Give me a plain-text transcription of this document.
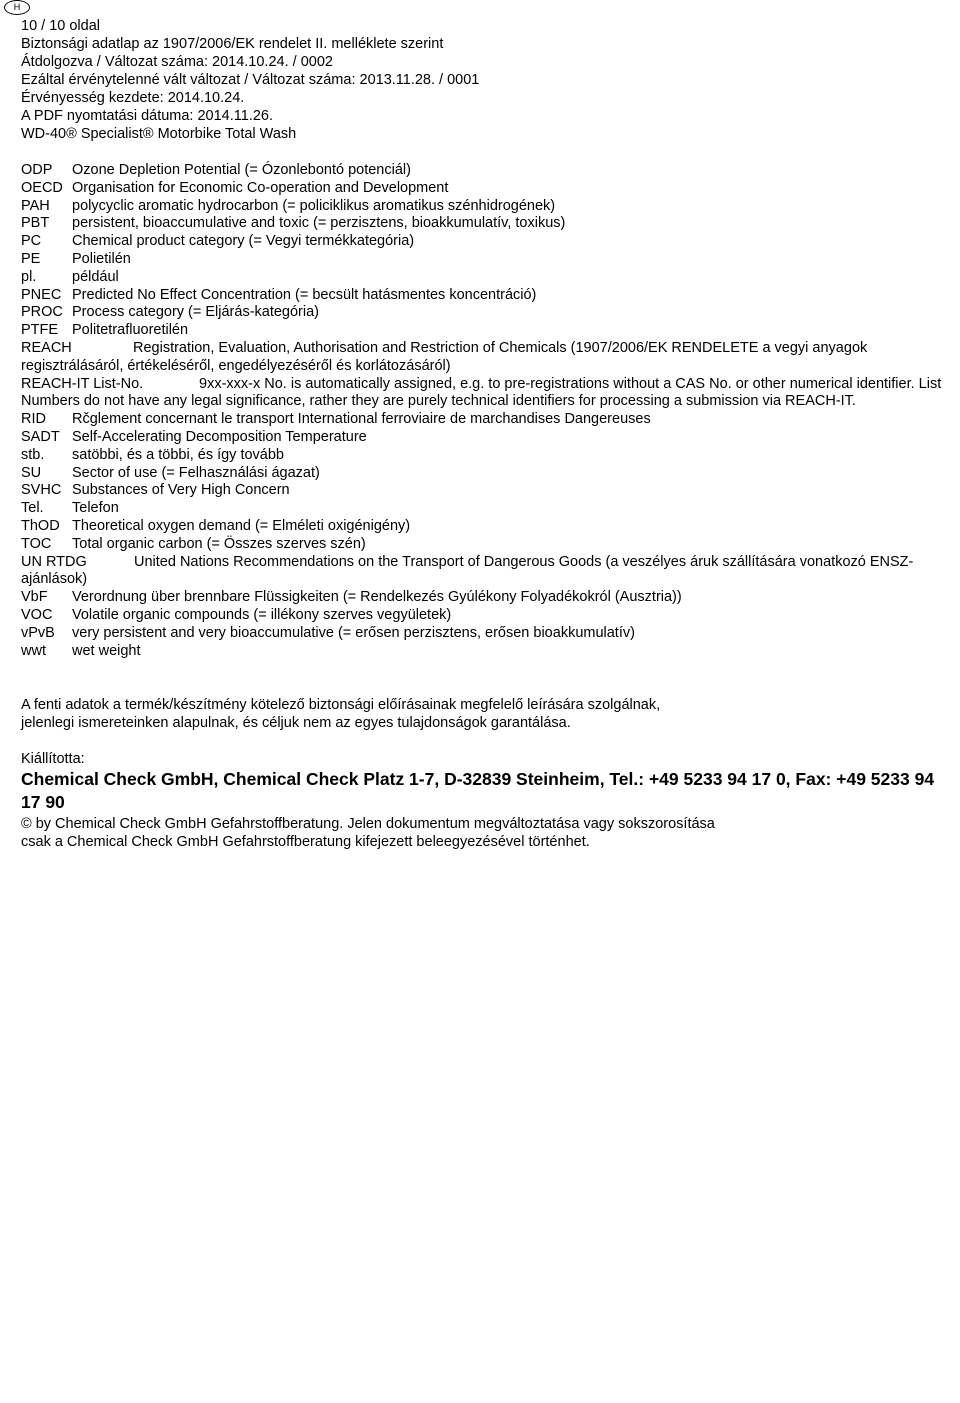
H
10 / 10 oldal
Biztonsági adatlap az 1907/2006/EK rendelet II. melléklete szerint
Átdolgozva / Változat száma: 2014.10.24. / 0002
Ezáltal érvénytelenné vált változat / Változat száma: 2013.11.28. / 0001
Érvényesség kezdete: 2014.10.24.
A PDF nyomtatási dátuma: 2014.11.26.
WD-40® Specialist® Motorbike Total Wash
ODP Ozone Depletion Potential (= Ózonlebontó potenciál)
OECD Organisation for Economic Co-operation and Development
PAH polycyclic aromatic hydrocarbon (= policiklikus aromatikus szénhidrogének)
PBT persistent, bioaccumulative and toxic (= perzisztens, bioakkumulatív, toxikus)
PC Chemical product category (= Vegyi termékkategória)
PE Polietilén
pl. például
PNEC Predicted No Effect Concentration (= becsült hatásmentes koncentráció)
PROC Process category (= Eljárás-kategória)
PTFE Politetrafluoretilén
REACH	Registration, Evaluation, Authorisation and Restriction of Chemicals (1907/2006/EK RENDELETE a vegyi anyagok regisztrálásáról, értékeléséről, engedélyezéséről és korlátozásáról)
REACH-IT List-No.	9xx-xxx-x No. is automatically assigned, e.g. to pre-registrations without a CAS No. or other numerical identifier. List Numbers do not have any legal significance, rather they are purely technical identifiers for processing a submission via REACH-IT.
RID Rčglement concernant le transport International ferroviaire de marchandises Dangereuses
SADT Self-Accelerating Decomposition Temperature
stb. satöbbi, és a többi, és így tovább
SU Sector of use (= Felhasználási ágazat)
SVHC Substances of Very High Concern
Tel. Telefon
ThOD Theoretical oxygen demand (= Elméleti oxigénigény)
TOC Total organic carbon (= Összes szerves szén)
UN RTDG	United Nations Recommendations on the Transport of Dangerous Goods (a veszélyes áruk szállítására vonatkozó ENSZ-ajánlások)
VbF Verordnung über brennbare Flüssigkeiten (= Rendelkezés Gyúlékony Folyadékokról (Ausztria))
VOC Volatile organic compounds (= illékony szerves vegyületek)
vPvB very persistent and very bioaccumulative (= erősen perzisztens, erősen bioakkumulatív)
wwt wet weight
A fenti adatok a termék/készítmény kötelező biztonsági előírásainak megfelelő leírására szolgálnak,
jelenlegi ismereteinken alapulnak, és céljuk nem az egyes tulajdonságok garantálása.
Kiállította:
Chemical Check GmbH, Chemical Check Platz 1-7, D-32839 Steinheim, Tel.: +49 5233 94 17 0, Fax: +49 5233 94 17 90
© by Chemical Check GmbH Gefahrstoffberatung. Jelen dokumentum megváltoztatása vagy sokszorosítása
csak a Chemical Check GmbH Gefahrstoffberatung kifejezett beleegyezésével történhet.
